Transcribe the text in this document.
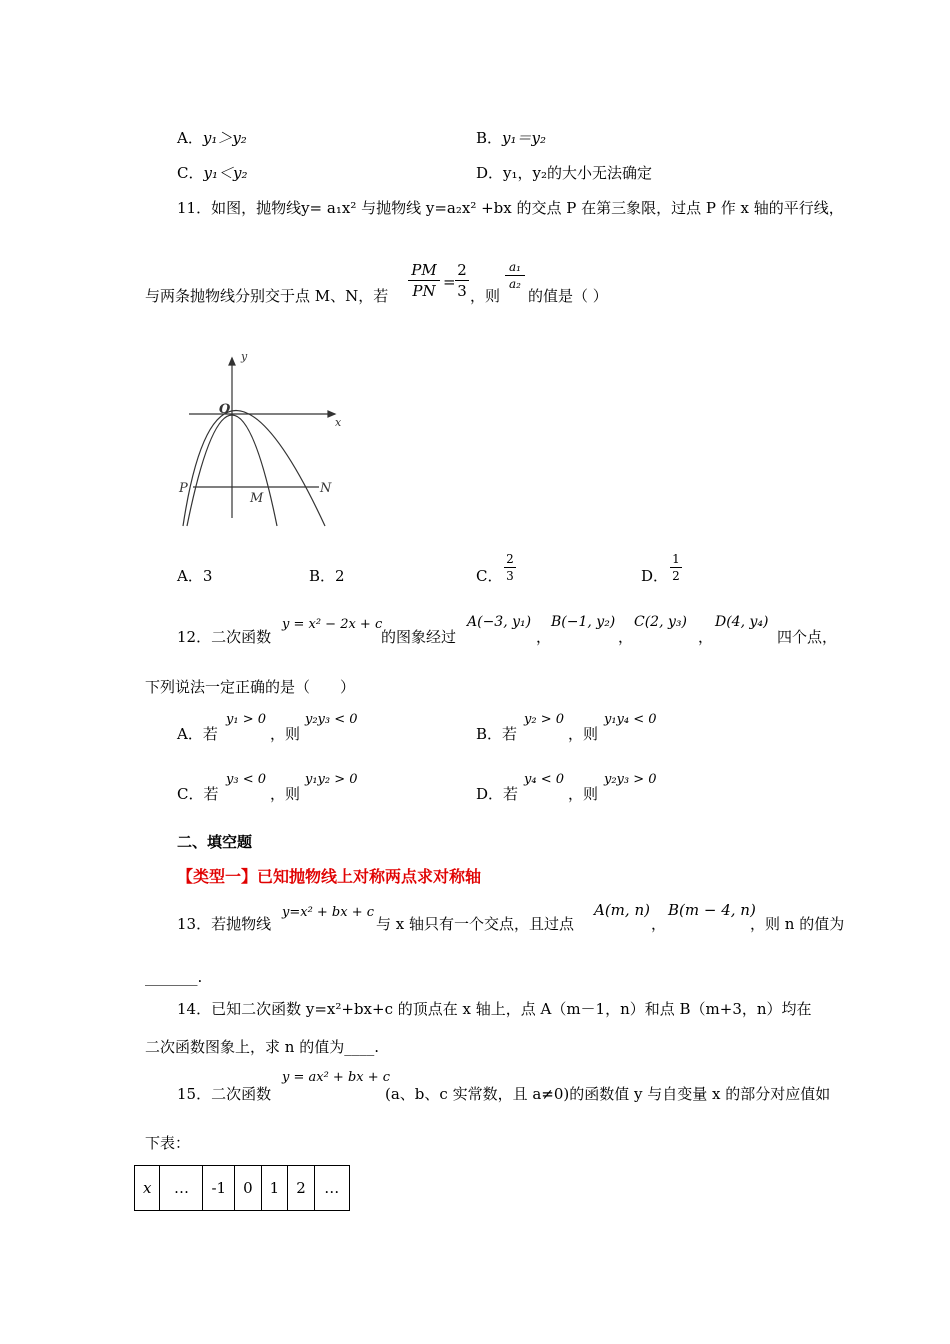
A．y₁＞y₂	B．y₁＝y₂
C．y₁＜y₂	D．y₁，y₂的大小无法确定
11．如图，抛物线y= a₁x² 与抛物线 y=a₂x² +bx 的交点 P 在第三象限，过点 P 作 x 轴的平行线，
与两条抛物线分别交于点 M、N，若
PM
PN =
2
3 ，则
a₁
a₂
的值是（ ）
y
x
O
P
M
N
A．3	B．2	C．
2
3	D．
1
2
12．二次函数
y = x² − 2x + c
的图象经过
A(−3, y₁)
，
B(−1, y₂)
，
C(2, y₃)
，
D(4, y₄)
四个点，
下列说法一定正确的是（　　）
A．若
y₁ > 0
，则
y₂y₃ < 0
B．若
y₂ > 0
，则
y₁y₄ < 0
C．若
y₃ < 0
，则
y₁y₂ > 0
D．若
y₄ < 0
，则
y₂y₃ > 0
二、填空题
【类型一】已知抛物线上对称两点求对称轴
13．若抛物线
y=x² + bx + c
与 x 轴只有一个交点，且过点
A(m, n)
，
B(m − 4, n)
，则 n 的值为
_______.
14．已知二次函数 y=x²+bx+c 的顶点在 x 轴上，点 A（m－1，n）和点 B（m+3，n）均在
二次函数图象上，求 n 的值为____.
15．二次函数
y = ax² + bx + c
(a、b、c 实常数，且 a≠0)的函数值 y 与自变量 x 的部分对应值如
下表：
x	…	-1	0	1	2	…
